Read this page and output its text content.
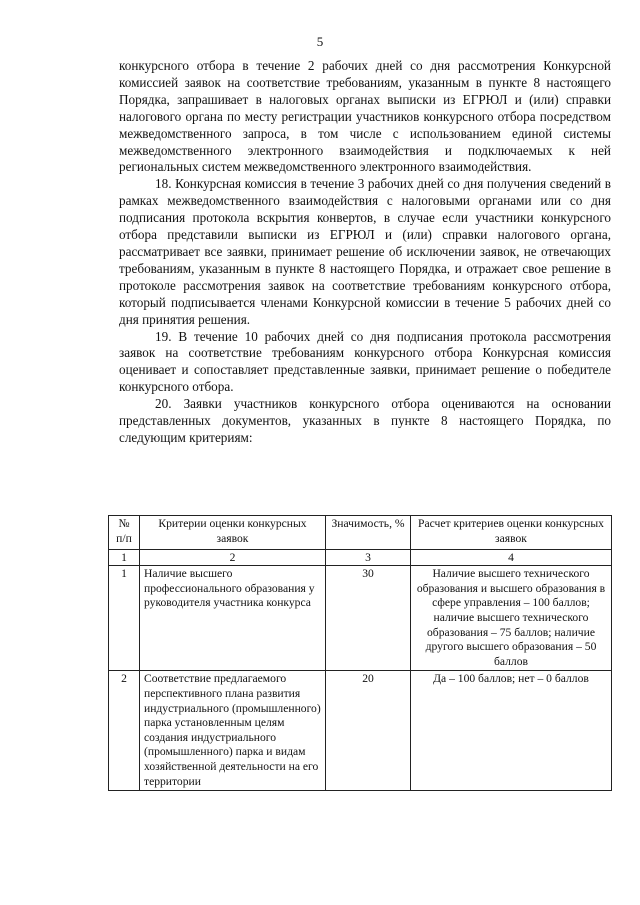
5

конкурсного отбора в течение 2 рабочих дней со дня рассмотрения Конкурсной комиссией заявок на соответствие требованиям, указанным в пункте 8 настоящего Порядка, запрашивает в налоговых органах выписки из ЕГРЮЛ и (или) справки налогового органа по месту регистрации участников конкурсного отбора посредством межведомственного запроса, в том числе с использованием единой системы межведомственного электронного взаимодействия и подключаемых к ней региональных систем межведомственного электронного взаимодействия.

18. Конкурсная комиссия в течение 3 рабочих дней со дня получения сведений в рамках межведомственного взаимодействия с налоговыми органами или со дня подписания протокола вскрытия конвертов, в случае если участники конкурсного отбора представили выписки из ЕГРЮЛ и (или) справки налогового органа, рассматривает все заявки, принимает решение об исключении заявок, не отвечающих требованиям, указанным в пункте 8 настоящего Порядка, и отражает свое решение в протоколе рассмотрения заявок на соответствие требованиям конкурсного отбора, который подписывается членами Конкурсной комиссии в течение 5 рабочих дней со дня принятия решения.

19. В течение 10 рабочих дней со дня подписания протокола рассмотрения заявок на соответствие требованиям конкурсного отбора Конкурсная комиссия оценивает и сопоставляет представленные заявки, принимает решение о победителе конкурсного отбора.

20. Заявки участников конкурсного отбора оцениваются на основании представленных документов, указанных в пункте 8 настоящего Порядка, по следующим критериям:

№ п/п	Критерии оценки конкурсных заявок	Значимость, %	Расчет критериев оценки конкурсных заявок
1	2	3	4
1	Наличие высшего профессионального образования у руководителя участника конкурса	30	Наличие высшего технического образования и высшего образования в сфере управления – 100 баллов; наличие высшего технического образования – 75 баллов; наличие другого высшего образования – 50 баллов
2	Соответствие предлагаемого перспективного плана развития индустриального (промышленного) парка установленным целям создания индустриального (промышленного) парка и видам хозяйственной деятельности на его территории	20	Да – 100 баллов; нет – 0 баллов
